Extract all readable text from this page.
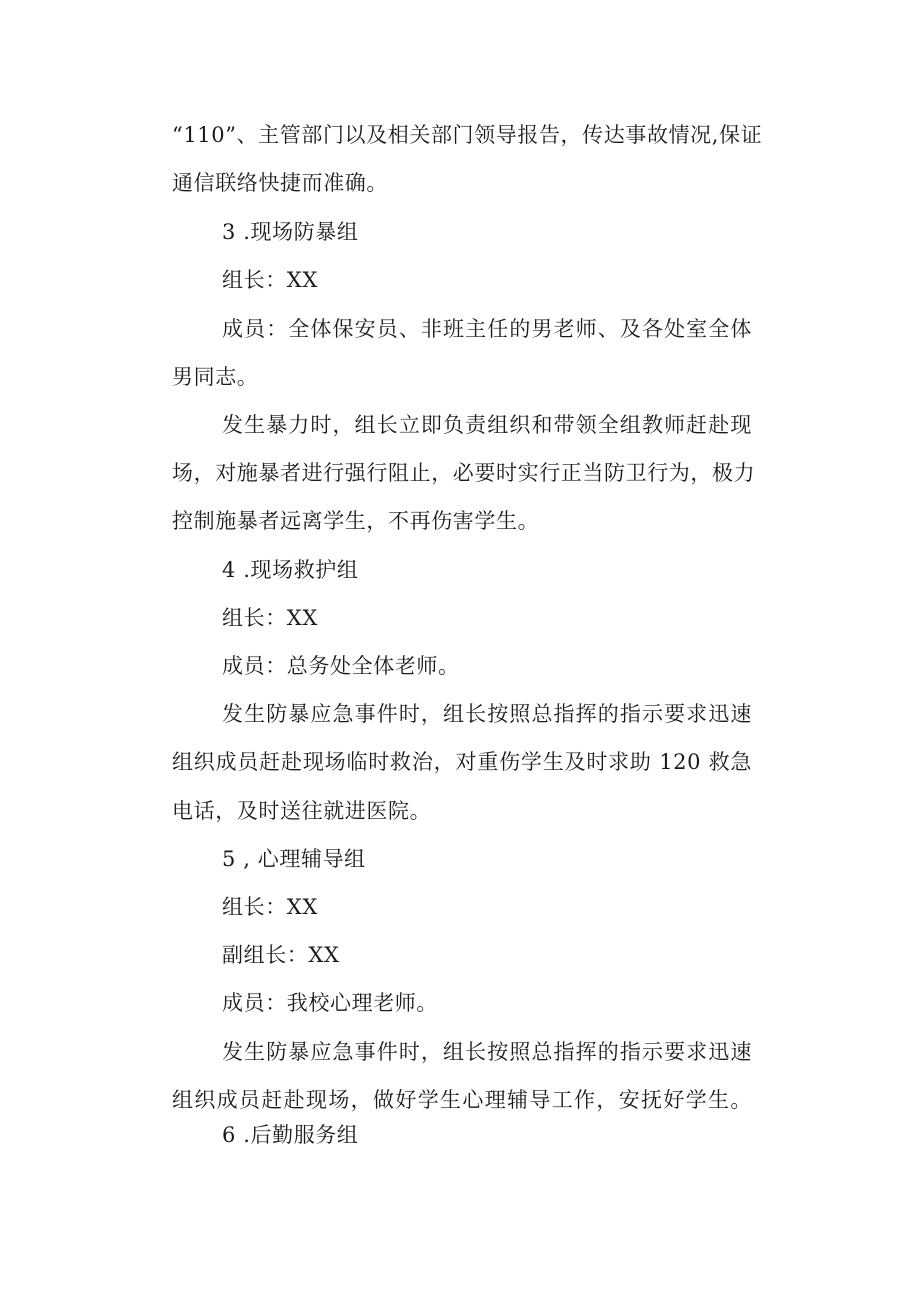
“110”、主管部门以及相关部门领导报告，传达事故情况,保证
通信联络快捷而准确。
3 .现场防暴组
组长：XX
成员：全体保安员、非班主任的男老师、及各处室全体
男同志。
发生暴力时，组长立即负责组织和带领全组教师赶赴现
场，对施暴者进行强行阻止，必要时实行正当防卫行为，极力
控制施暴者远离学生，不再伤害学生。
4 .现场救护组
组长：XX
成员：总务处全体老师。
发生防暴应急事件时，组长按照总指挥的指示要求迅速
组织成员赶赴现场临时救治，对重伤学生及时求助 120 救急
电话，及时送往就进医院。
5 , 心理辅导组
组长：XX
副组长：XX
成员：我校心理老师。
发生防暴应急事件时，组长按照总指挥的指示要求迅速
组织成员赶赴现场，做好学生心理辅导工作，安抚好学生。
6 .后勤服务组
